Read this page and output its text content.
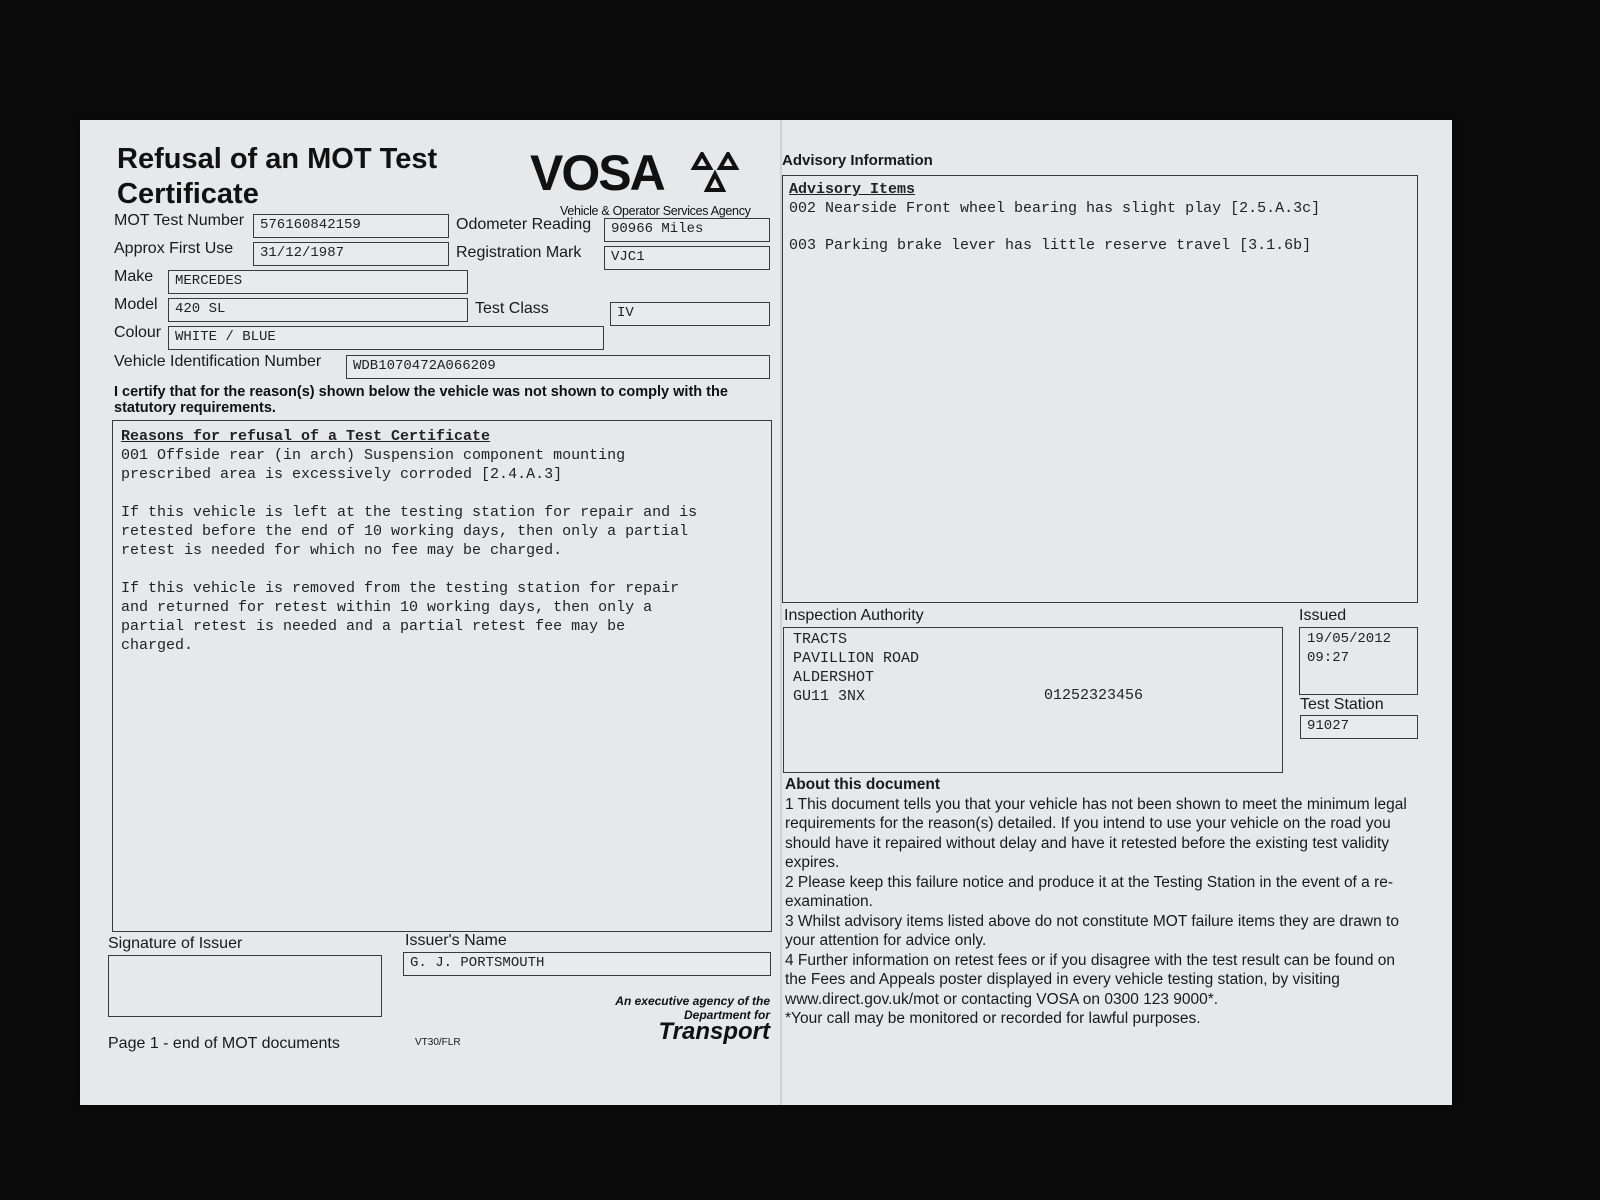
Refusal of an MOT Test Certificate	VOSA
Vehicle & Operator Services Agency
MOT Test Number	576160842159	Odometer Reading	90966 Miles
Approx First Use	31/12/1987	Registration Mark	VJC1
Make	MERCEDES
Model	420 SL	Test Class	IV
Colour WHITE / BLUE
Vehicle Identification Number	WDB1070472A066209
I certify that for the reason(s) shown below the vehicle was not shown to comply with the statutory requirements.
Reasons for refusal of a Test Certificate
001 Offside rear (in arch) Suspension component mounting
prescribed area is excessively corroded [2.4.A.3]
If this vehicle is left at the testing station for repair and is
retested before the end of 10 working days, then only a partial
retest is needed for which no fee may be charged.
If this vehicle is removed from the testing station for repair
and returned for retest within 10 working days, then only a
partial retest is needed and a partial retest fee may be
charged.
Signature of Issuer	Issuer's Name
G. J. PORTSMOUTH
An executive agency of the
Department for
Transport
Page 1 - end of MOT documents	VT30/FLR
Advisory Information
Advisory Items
002 Nearside Front wheel bearing has slight play [2.5.A.3c]
003 Parking brake lever has little reserve travel [3.1.6b]
Inspection Authority
TRACTS
PAVILLION ROAD
ALDERSHOT
GU11 3NX	01252323456
Issued
19/05/2012
09:27
Test Station
91027
About this document

1 This document tells you that your vehicle has not been shown to meet the minimum legal requirements for the reason(s) detailed. If you intend to use your vehicle on the road you should have it repaired without delay and have it retested before the existing test validity expires.

2 Please keep this failure notice and produce it at the Testing Station in the event of a re-examination.

3 Whilst advisory items listed above do not constitute MOT failure items they are drawn to your attention for advice only.

4 Further information on retest fees or if you disagree with the test result can be found on the Fees and Appeals poster displayed in every vehicle testing station, by visiting www.direct.gov.uk/mot or contacting VOSA on 0300 123 9000*.

*Your call may be monitored or recorded for lawful purposes.
